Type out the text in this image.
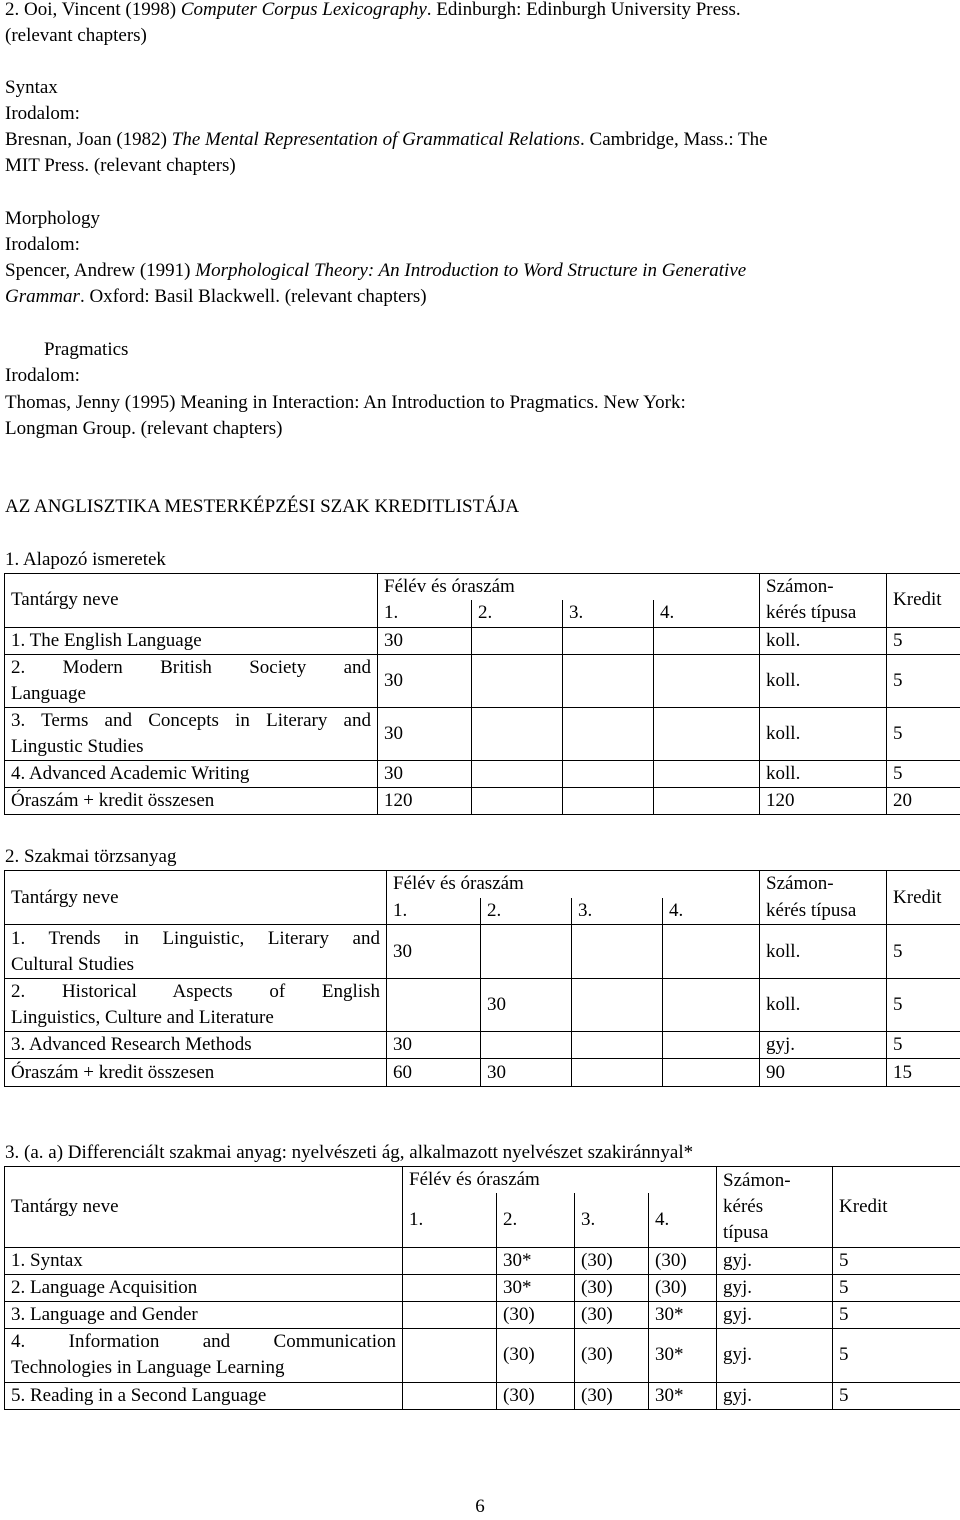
2. Ooi, Vincent (1998) Computer Corpus Lexicography. Edinburgh: Edinburgh University Press.
(relevant chapters)
Syntax
Irodalom:
Bresnan, Joan (1982) The Mental Representation of Grammatical Relations. Cambridge, Mass.: The
MIT Press. (relevant chapters)
Morphology
Irodalom:
Spencer, Andrew (1991) Morphological Theory: An Introduction to Word Structure in Generative
Grammar. Oxford: Basil Blackwell. (relevant chapters)
Pragmatics
Irodalom:
Thomas, Jenny (1995) Meaning in Interaction: An Introduction to Pragmatics. New York:
Longman Group. (relevant chapters)
AZ ANGLISZTIKA MESTERKÉPZÉSI SZAK KREDITLISTÁJA
1. Alapozó ismeretek
Tantárgy neve	Félév és óraszám				Számon-	Kredit
	1.	2.	3.	4.	kérés típusa	
1. The English Language	30				koll.	5

2. Modern British Society and
Language	30				koll.	5

3. Terms and Concepts in Literary and
Lingustic Studies	30				koll.	5
4. Advanced Academic Writing	30				koll.	5
Óraszám + kredit összesen	120				120	20
2. Szakmai törzsanyag
Tantárgy neve	Félév és óraszám				Számon-	Kredit
	1.	2.	3.	4.	kérés típusa	

1. Trends in Linguistic, Literary and
Cultural Studies	30				koll.	5

2. Historical Aspects of English
Linguistics, Culture and Literature		30			koll.	5
3. Advanced Research Methods	30				gyj.	5
Óraszám + kredit összesen	60	30			90	15
3. (a. a) Differenciált szakmai anyag: nyelvészeti ág, alkalmazott nyelvészet szakiránnyal*
Tantárgy neve	Félév és óraszám				Számon-
kérés
típusa	Kredit
	1.	2.	3.	4.		
1. Syntax		30*	(30)	(30)	gyj.	5
2. Language Acquisition		30*	(30)	(30)	gyj.	5
3. Language and Gender		(30)	(30)	30*	gyj.	5

4. Information and Communication
Technologies in Language Learning		(30)	(30)	30*	gyj.	5
5. Reading in a Second Language		(30)	(30)	30*	gyj.	5
6
